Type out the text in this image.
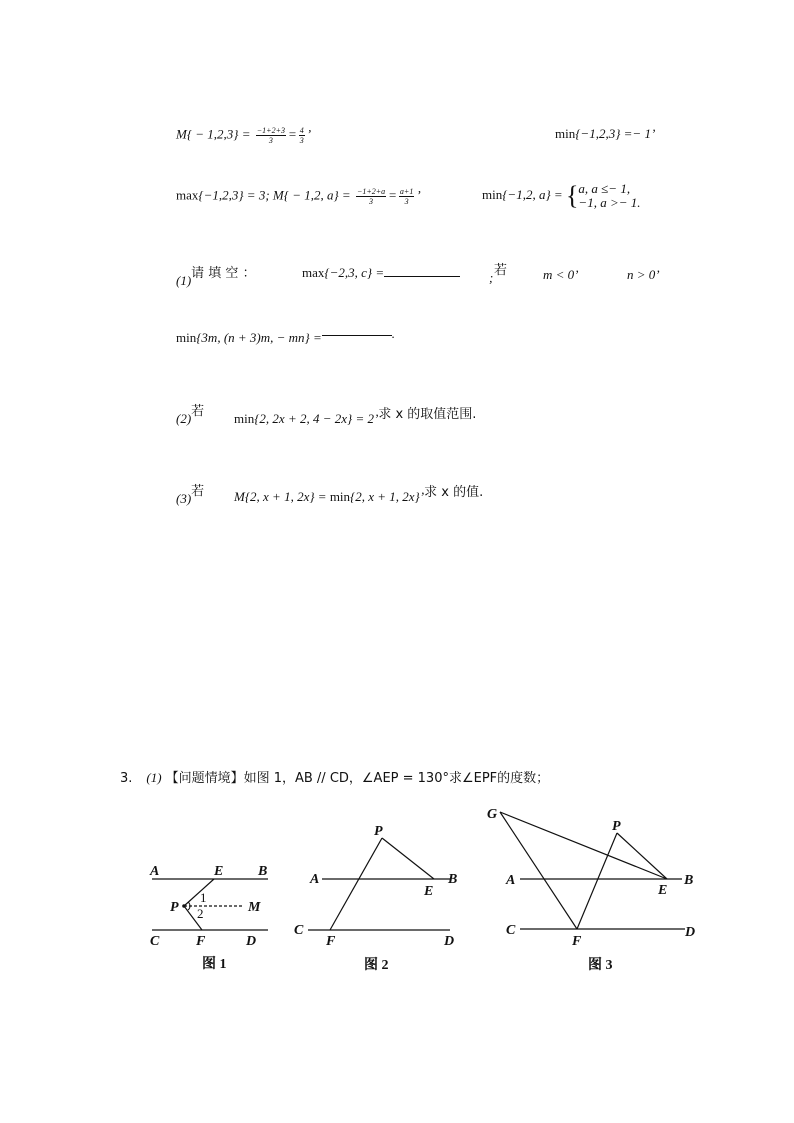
$M\{ - 1,2,3\} = \frac{-1+2+3}{3} = \frac{4}{3}$ ’	min{−1,2,3} =− 1’
max{−1,2,3} = 3; M{ − 1,2, $a\} = \frac{-1+2+a}{3} = \frac{a+1}{3}$ ’	min{−1,2, a} = { a, a ≤− 1,
−1, a >− 1.
$_{(1)}$请 填 空 ：	max{−2,3, c} =	; 若	m < 0’	n > 0’
min{3m, (n + 3)m, − mn} =	.
$_{(2)}$若 min{2, 2x + 2, 4 − 2x} = 2’求 x 的取值范围.
$_{(3)}$若 M{2, x + 1, 2x} = min{2, x + 1, 2x}’求 x 的值.
3. (1) 【问题情境】如图 1，AB // CD，∠AEP = 130°求∠EPF的度数；
A	E B
P	M
C	F	D
1
2
图 1
P
A
E
B
C
F	D
图 2
G
P
A
E
B
C
F
D
图 3
